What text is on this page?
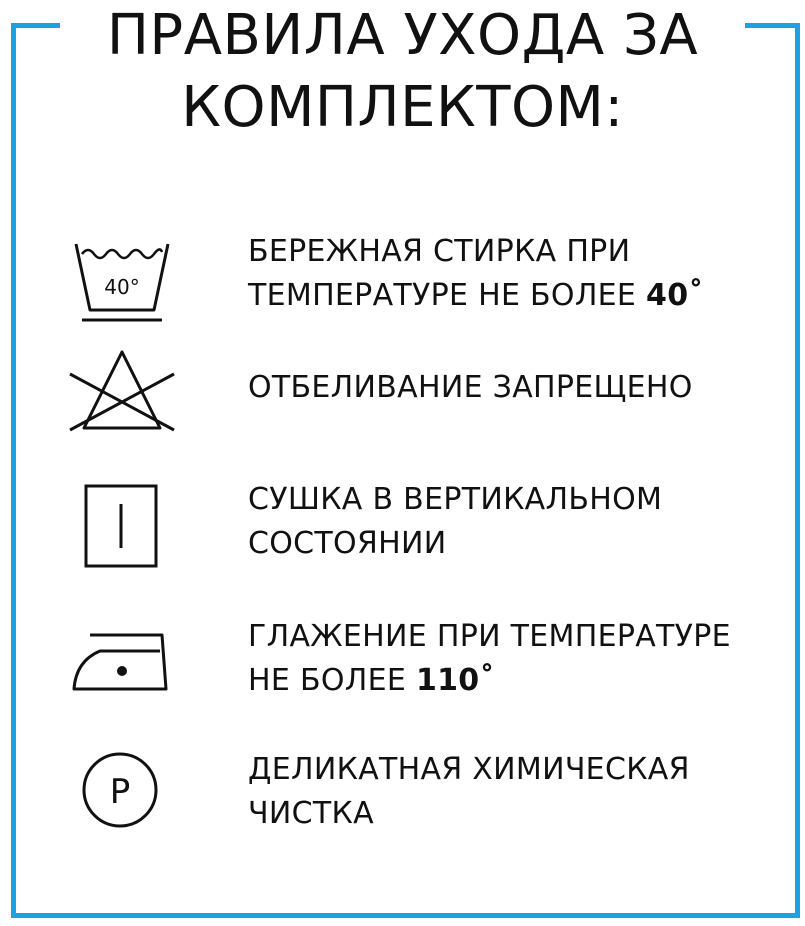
ПРАВИЛА УХОДА ЗА
КОМПЛЕКТОМ:
40°
БЕРЕЖНАЯ СТИРКА ПРИ
ТЕМПЕРАТУРЕ НЕ БОЛЕЕ 40˚
ОТБЕЛИВАНИЕ ЗАПРЕЩЕНО
СУШКА В ВЕРТИКАЛЬНОМ
СОСТОЯНИИ
ГЛАЖЕНИЕ ПРИ ТЕМПЕРАТУРЕ
НЕ БОЛЕЕ 110˚
P
ДЕЛИКАТНАЯ ХИМИЧЕСКАЯ
ЧИСТКА
